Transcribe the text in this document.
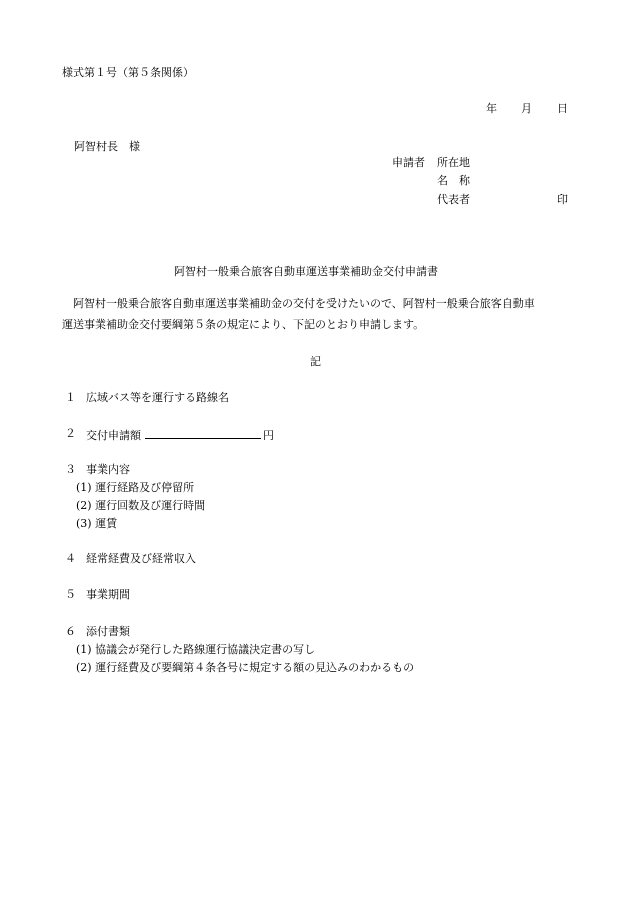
様式第１号（第５条関係）
年 月 日
阿智村長　様
申請者 所在地
名　称
代表者	印
阿智村一般乗合旅客自動車運送事業補助金交付申請書
　阿智村一般乗合旅客自動車運送事業補助金の交付を受けたいので、阿智村一般乗合旅客自動車
運送事業補助金交付要綱第５条の規定により、下記のとおり申請します。
記
１ 広域バス等を運行する路線名
２ 交付申請額	円
３ 事業内容
(1) 運行経路及び停留所
(2) 運行回数及び運行時間
(3) 運賃
４ 経常経費及び経常収入
５ 事業期間
６ 添付書類
(1) 協議会が発行した路線運行協議決定書の写し
(2) 運行経費及び要綱第４条各号に規定する額の見込みのわかるもの
